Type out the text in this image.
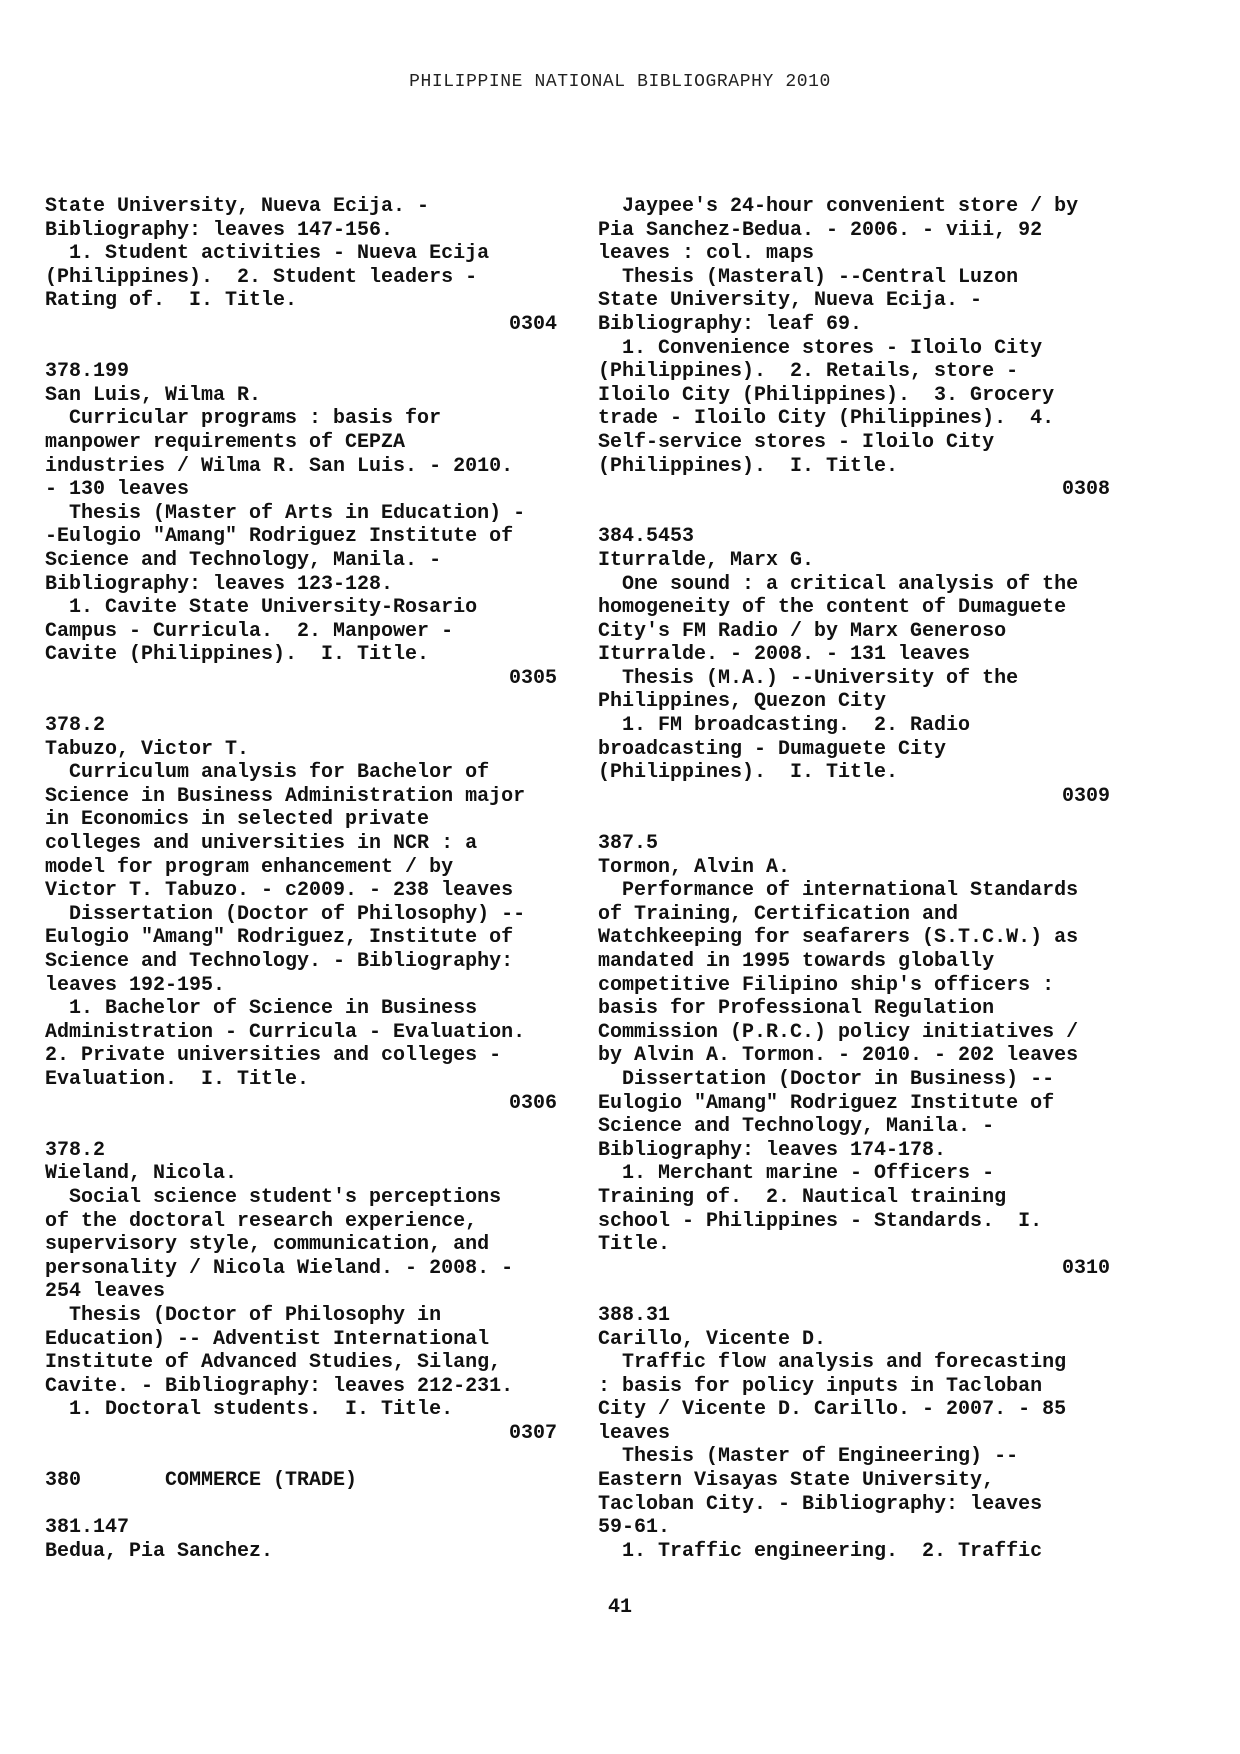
PHILIPPINE NATIONAL BIBLIOGRAPHY 2010
State University, Nueva Ecija. -
Bibliography: leaves 147-156.
1. Student activities - Nueva Ecija
(Philippines).  2. Student leaders -
Rating of.  I. Title.
0304
378.199
San Luis, Wilma R.
Curricular programs : basis for
manpower requirements of CEPZA
industries / Wilma R. San Luis. - 2010.
- 130 leaves
Thesis (Master of Arts in Education) -
-Eulogio "Amang" Rodriguez Institute of
Science and Technology, Manila. -
Bibliography: leaves 123-128.
1. Cavite State University-Rosario
Campus - Curricula.  2. Manpower -
Cavite (Philippines).  I. Title.
0305
378.2
Tabuzo, Victor T.
Curriculum analysis for Bachelor of
Science in Business Administration major
in Economics in selected private
colleges and universities in NCR : a
model for program enhancement / by
Victor T. Tabuzo. - c2009. - 238 leaves
Dissertation (Doctor of Philosophy) --
Eulogio "Amang" Rodriguez, Institute of
Science and Technology. - Bibliography:
leaves 192-195.
1. Bachelor of Science in Business
Administration - Curricula - Evaluation.
2. Private universities and colleges -
Evaluation.  I. Title.
0306
378.2
Wieland, Nicola.
Social science student's perceptions
of the doctoral research experience,
supervisory style, communication, and
personality / Nicola Wieland. - 2008. -
254 leaves
Thesis (Doctor of Philosophy in
Education) -- Adventist International
Institute of Advanced Studies, Silang,
Cavite. - Bibliography: leaves 212-231.
1. Doctoral students.  I. Title.
0307
380       COMMERCE (TRADE)
381.147
Bedua, Pia Sanchez.
Jaypee's 24-hour convenient store / by
Pia Sanchez-Bedua. - 2006. - viii, 92
leaves : col. maps
Thesis (Masteral) --Central Luzon
State University, Nueva Ecija. -
Bibliography: leaf 69.
1. Convenience stores - Iloilo City
(Philippines).  2. Retails, store -
Iloilo City (Philippines).  3. Grocery
trade - Iloilo City (Philippines).  4.
Self-service stores - Iloilo City
(Philippines).  I. Title.
0308
384.5453
Iturralde, Marx G.
One sound : a critical analysis of the
homogeneity of the content of Dumaguete
City's FM Radio / by Marx Generoso
Iturralde. - 2008. - 131 leaves
Thesis (M.A.) --University of the
Philippines, Quezon City
1. FM broadcasting.  2. Radio
broadcasting - Dumaguete City
(Philippines).  I. Title.
0309
387.5
Tormon, Alvin A.
Performance of international Standards
of Training, Certification and
Watchkeeping for seafarers (S.T.C.W.) as
mandated in 1995 towards globally
competitive Filipino ship's officers :
basis for Professional Regulation
Commission (P.R.C.) policy initiatives /
by Alvin A. Tormon. - 2010. - 202 leaves
Dissertation (Doctor in Business) --
Eulogio "Amang" Rodriguez Institute of
Science and Technology, Manila. -
Bibliography: leaves 174-178.
1. Merchant marine - Officers -
Training of.  2. Nautical training
school - Philippines - Standards.  I.
Title.
0310
388.31
Carillo, Vicente D.
Traffic flow analysis and forecasting
: basis for policy inputs in Tacloban
City / Vicente D. Carillo. - 2007. - 85
leaves
Thesis (Master of Engineering) --
Eastern Visayas State University,
Tacloban City. - Bibliography: leaves
59-61.
1. Traffic engineering.  2. Traffic
41
